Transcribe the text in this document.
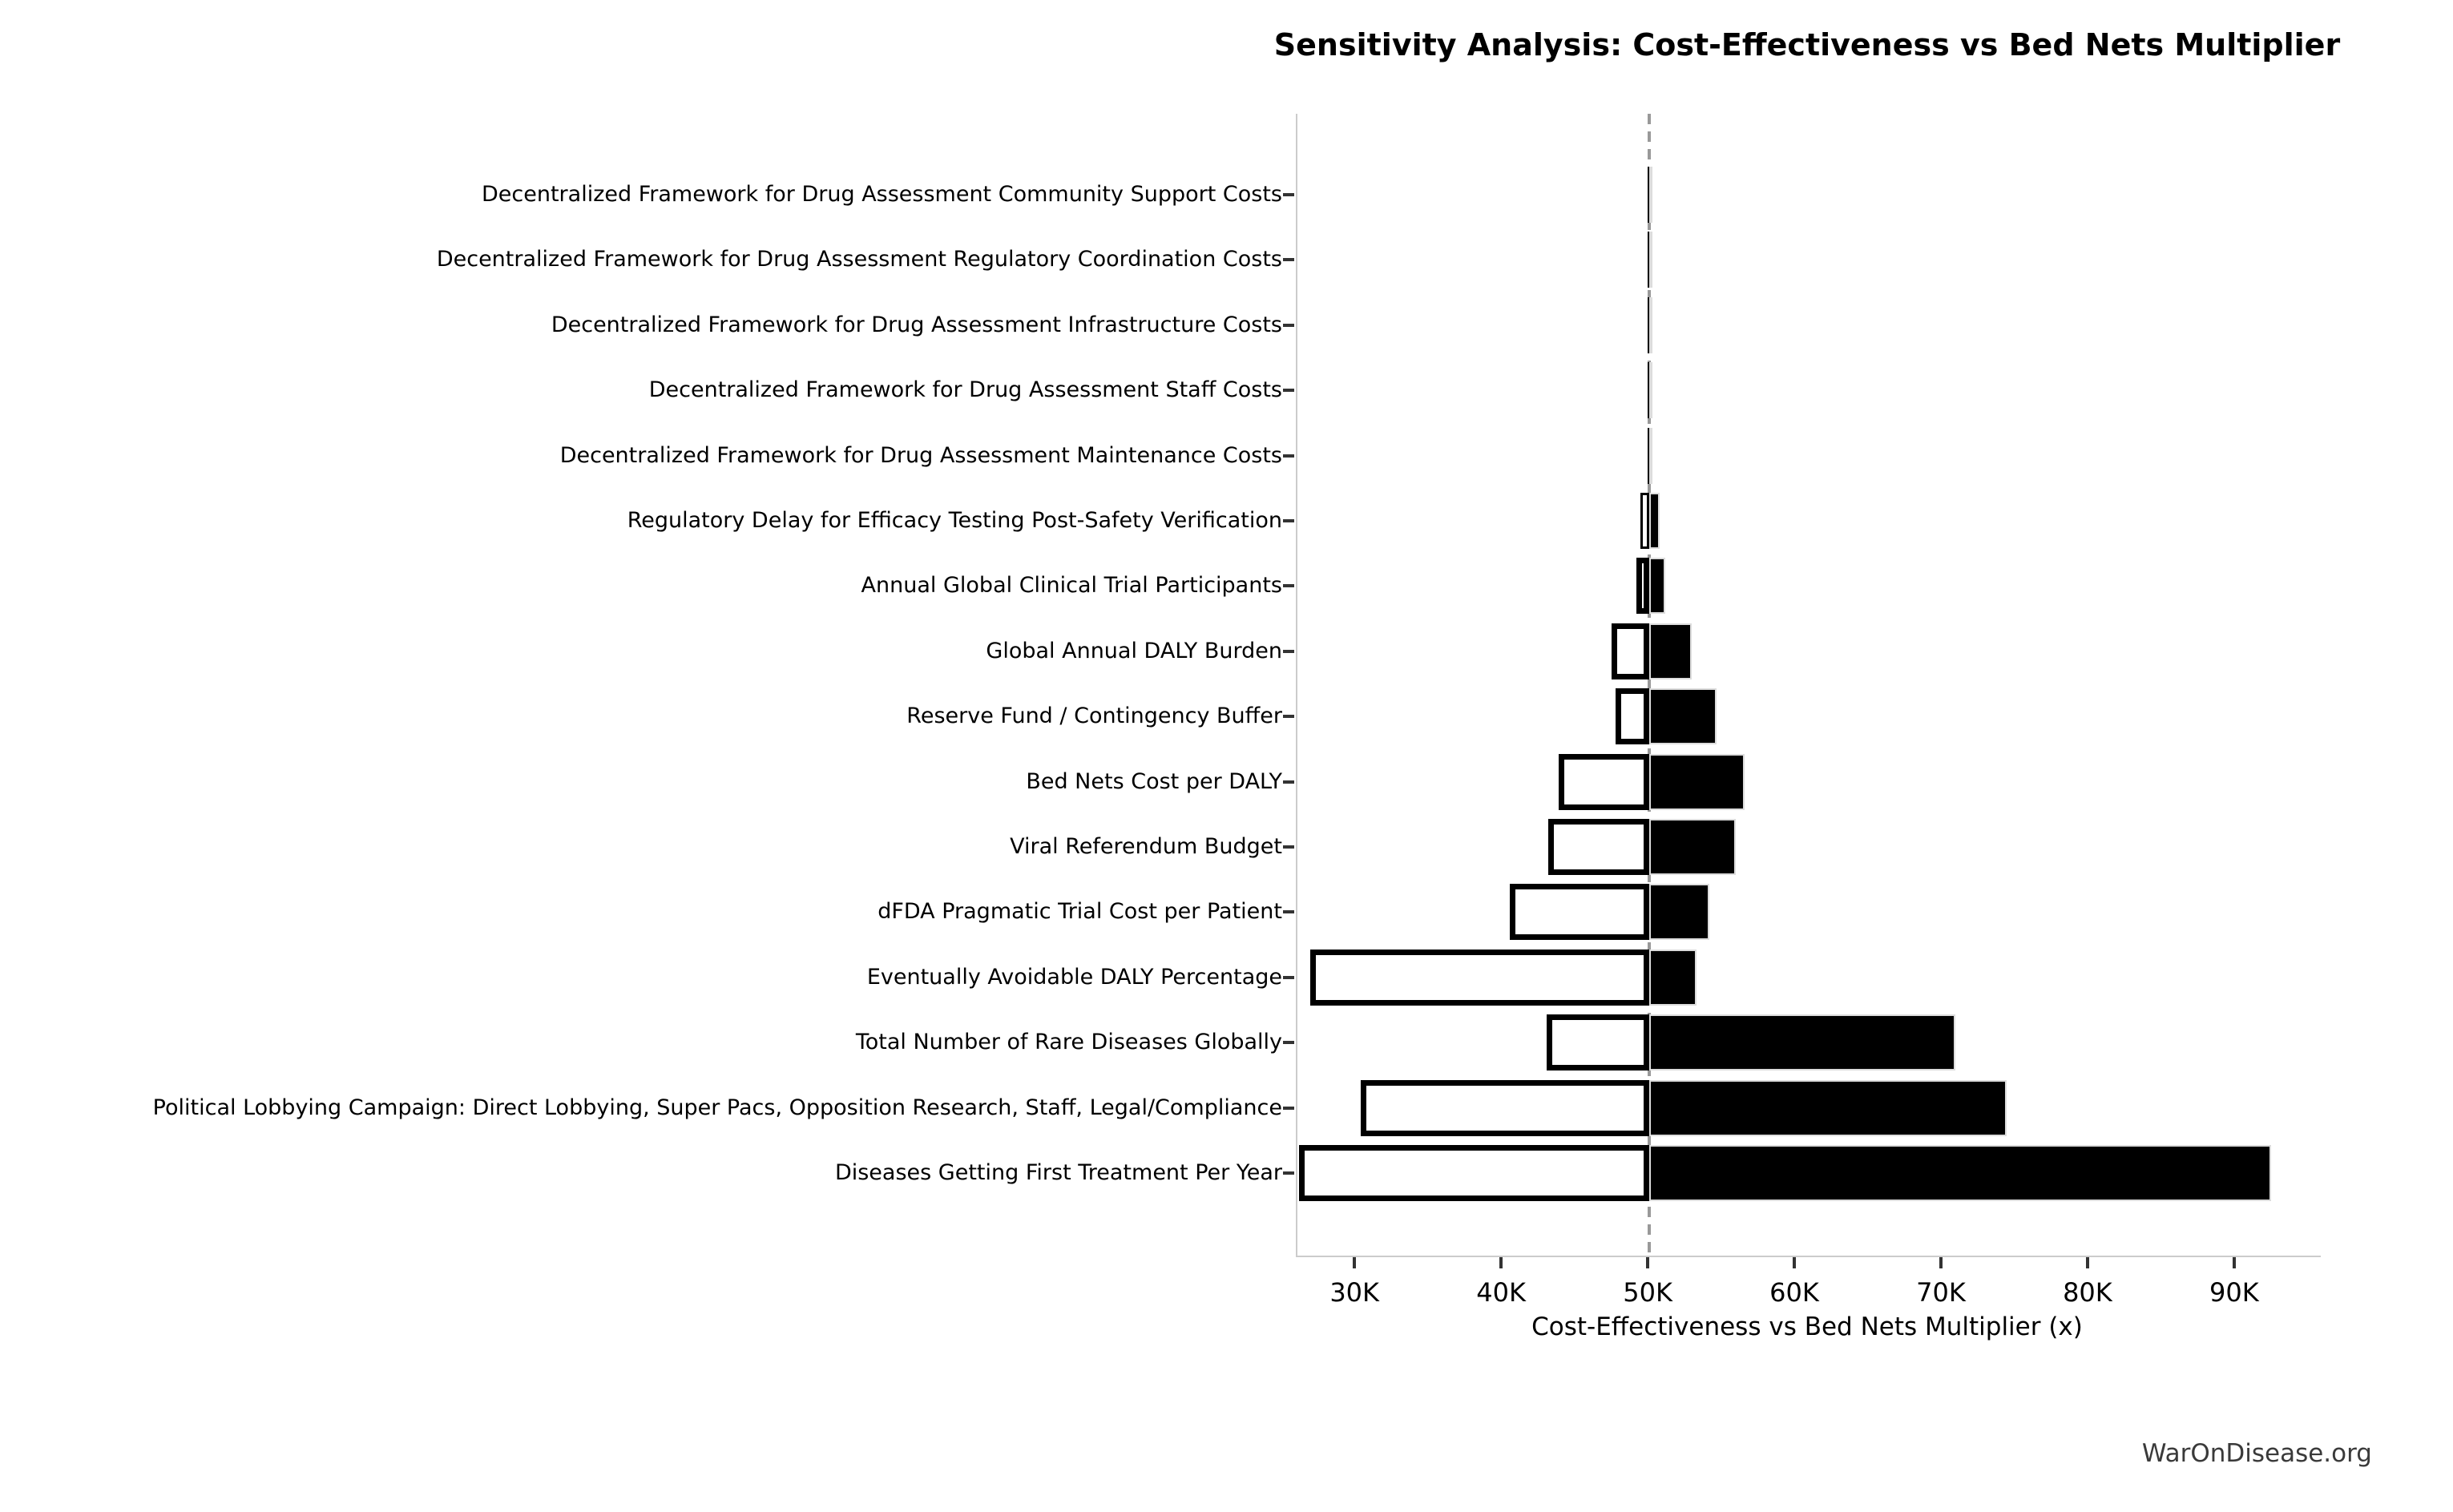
Sensitivity Analysis: Cost-Effectiveness vs Bed Nets Multiplier
Decentralized Framework for Drug Assessment Community Support Costs
Decentralized Framework for Drug Assessment Regulatory Coordination Costs
Decentralized Framework for Drug Assessment Infrastructure Costs
Decentralized Framework for Drug Assessment Staff Costs
Decentralized Framework for Drug Assessment Maintenance Costs
Regulatory Delay for Efficacy Testing Post-Safety Verification
Annual Global Clinical Trial Participants
Global Annual DALY Burden
Reserve Fund / Contingency Buffer
Bed Nets Cost per DALY
Viral Referendum Budget
dFDA Pragmatic Trial Cost per Patient
Eventually Avoidable DALY Percentage
Total Number of Rare Diseases Globally
Political Lobbying Campaign: Direct Lobbying, Super Pacs, Opposition Research, Staff, Legal/Compliance
Diseases Getting First Treatment Per Year
30K	40K	50K	60K	70K	80K	90K
Cost-Effectiveness vs Bed Nets Multiplier (x)
WarOnDisease.org
